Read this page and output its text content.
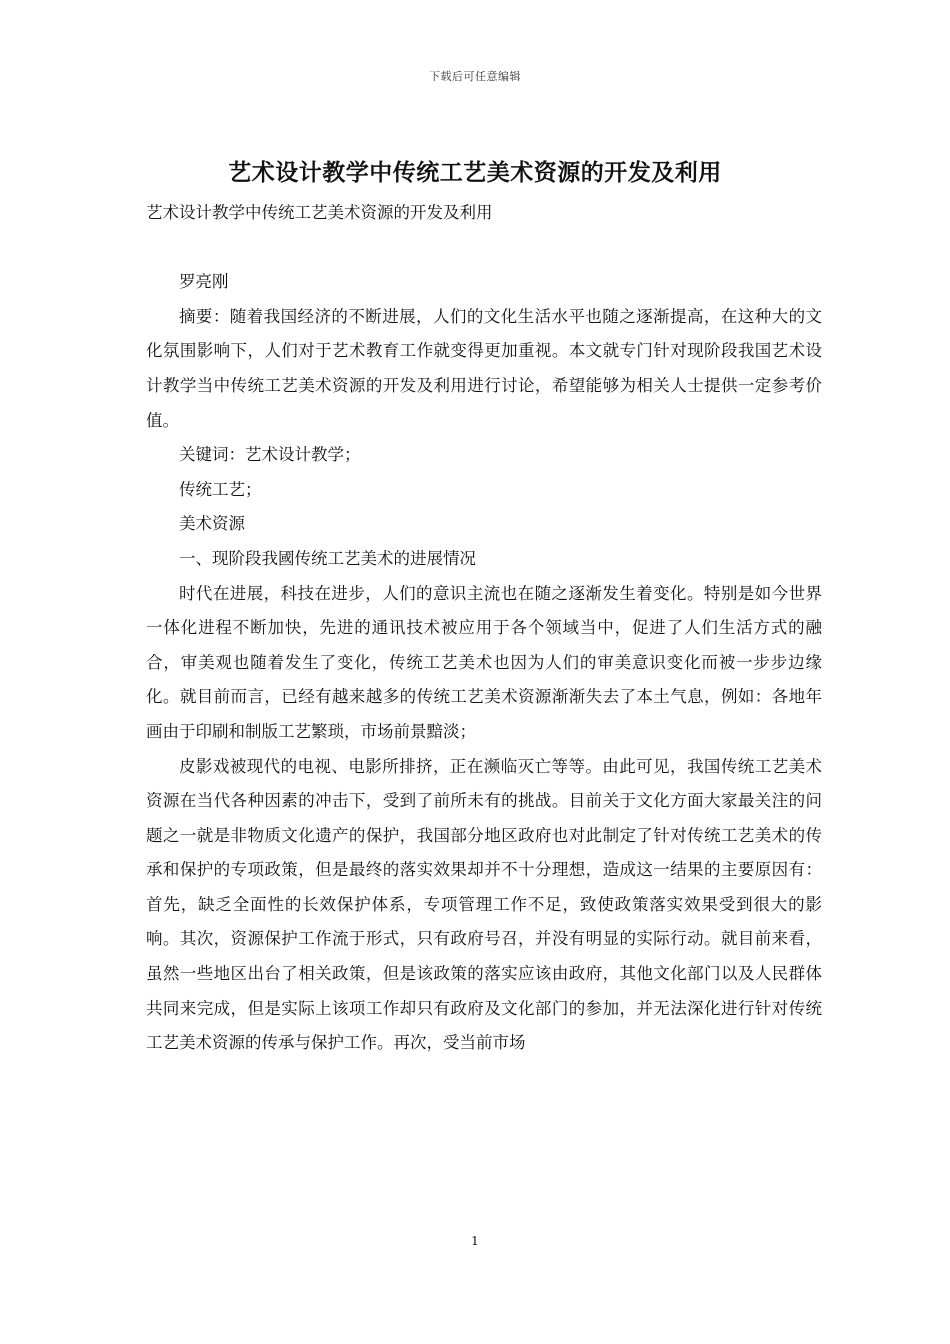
下载后可任意编辑
艺术设计教学中传统工艺美术资源的开发及利用

艺术设计教学中传统工艺美术资源的开发及利用

罗亮刚

摘要：随着我国经济的不断进展，人们的文化生活水平也随之逐渐提高，在这种大的文化氛围影响下，人们对于艺术教育工作就变得更加重视。本文就专门针对现阶段我国艺术设计教学当中传统工艺美术资源的开发及利用进行讨论，希望能够为相关人士提供一定参考价值。

关键词：艺术设计教学；

传统工艺；

美术资源

一、现阶段我國传统工艺美术的进展情况

时代在进展，科技在进步，人们的意识主流也在随之逐渐发生着变化。特别是如今世界一体化进程不断加快，先进的通讯技术被应用于各个领域当中，促进了人们生活方式的融合，审美观也随着发生了变化，传统工艺美术也因为人们的审美意识变化而被一步步边缘化。就目前而言，已经有越来越多的传统工艺美术资源渐渐失去了本土气息，例如：各地年画由于印刷和制版工艺繁琐，市场前景黯淡；

皮影戏被现代的电视、电影所排挤，正在濒临灭亡等等。由此可见，我国传统工艺美术资源在当代各种因素的冲击下，受到了前所未有的挑战。目前关于文化方面大家最关注的问题之一就是非物质文化遗产的保护，我国部分地区政府也对此制定了针对传统工艺美术的传承和保护的专项政策，但是最终的落实效果却并不十分理想，造成这一结果的主要原因有：首先，缺乏全面性的长效保护体系，专项管理工作不足，致使政策落实效果受到很大的影响。其次，资源保护工作流于形式，只有政府号召，并没有明显的实际行动。就目前来看，虽然一些地区出台了相关政策，但是该政策的落实应该由政府，其他文化部门以及人民群体共同来完成，但是实际上该项工作却只有政府及文化部门的参加，并无法深化进行针对传统工艺美术资源的传承与保护工作。再次，受当前市场

1
